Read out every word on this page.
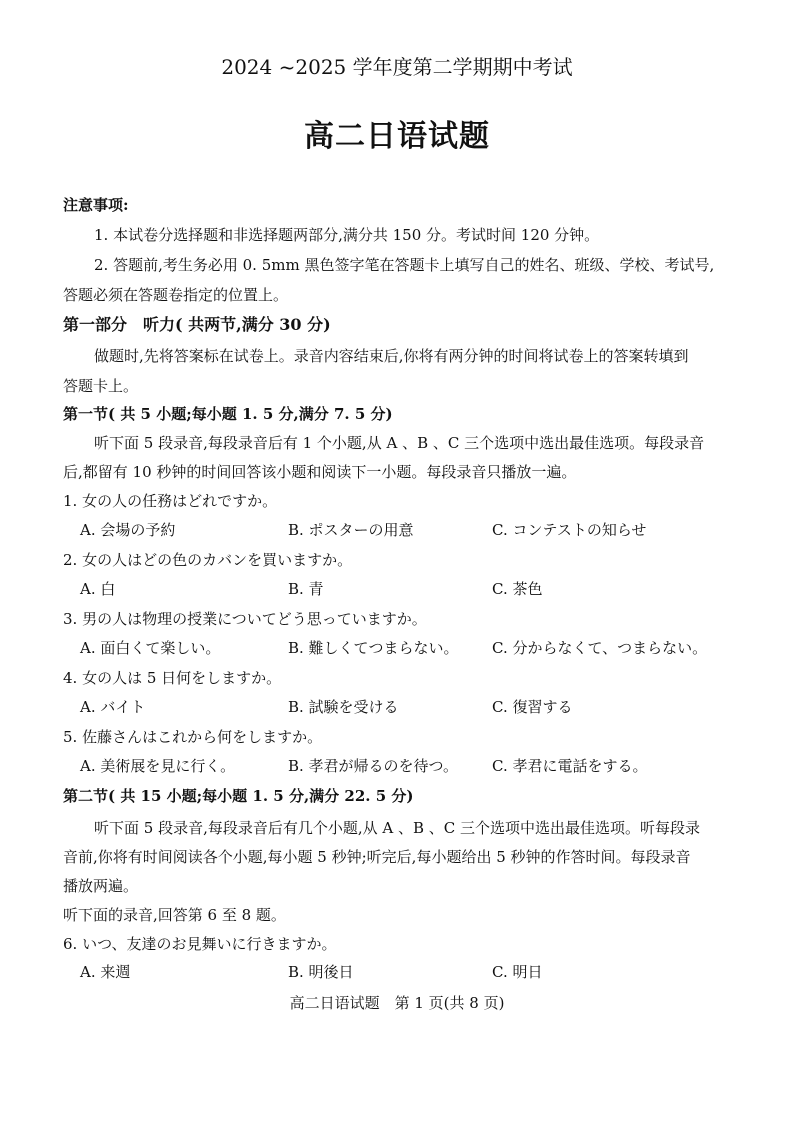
2024 ~2025 学年度第二学期期中考试
高二日语试题
注意事项:
1. 本试卷分选择题和非选择题两部分,满分共 150 分。考试时间 120 分钟。
2. 答题前,考生务必用 0. 5mm 黑色签字笔在答题卡上填写自己的姓名、班级、学校、考试号,
答题必须在答题卷指定的位置上。
第一部分　听力( 共两节,满分 30 分)
做题时,先将答案标在试卷上。录音内容结束后,你将有两分钟的时间将试卷上的答案转填到
答题卡上。
第一节( 共 5 小题;每小题 1. 5 分,满分 7. 5 分)
听下面 5 段录音,每段录音后有 1 个小题,从 A 、B 、C 三个选项中选出最佳选项。每段录音
后,都留有 10 秒钟的时间回答该小题和阅读下一小题。每段录音只播放一遍。
1. 女の人の任務はどれですか。
A. 会場の予約	B. ポスターの用意	C. コンテストの知らせ
2. 女の人はどの色のカバンを買いますか。
A. 白	B. 青	C. 茶色
3. 男の人は物理の授業についてどう思っていますか。
A. 面白くて楽しい。	B. 難しくてつまらない。 C. 分からなくて、つまらない。
4. 女の人は 5 日何をしますか。
A. バイト	B. 試験を受ける	C. 復習する
5. 佐藤さんはこれから何をしますか。
A. 美術展を見に行く。	B. 孝君が帰るのを待つ。 C. 孝君に電話をする。
第二节( 共 15 小题;每小题 1. 5 分,满分 22. 5 分)
听下面 5 段录音,每段录音后有几个小题,从 A 、B 、C 三个选项中选出最佳选项。听每段录
音前,你将有时间阅读各个小题,每小题 5 秒钟;听完后,每小题给出 5 秒钟的作答时间。每段录音
播放两遍。
听下面的录音,回答第 6 至 8 题。
6. いつ、友達のお見舞いに行きますか。
A. 来週	B. 明後日	C. 明日
高二日语试题　第 1 页(共 8 页)
